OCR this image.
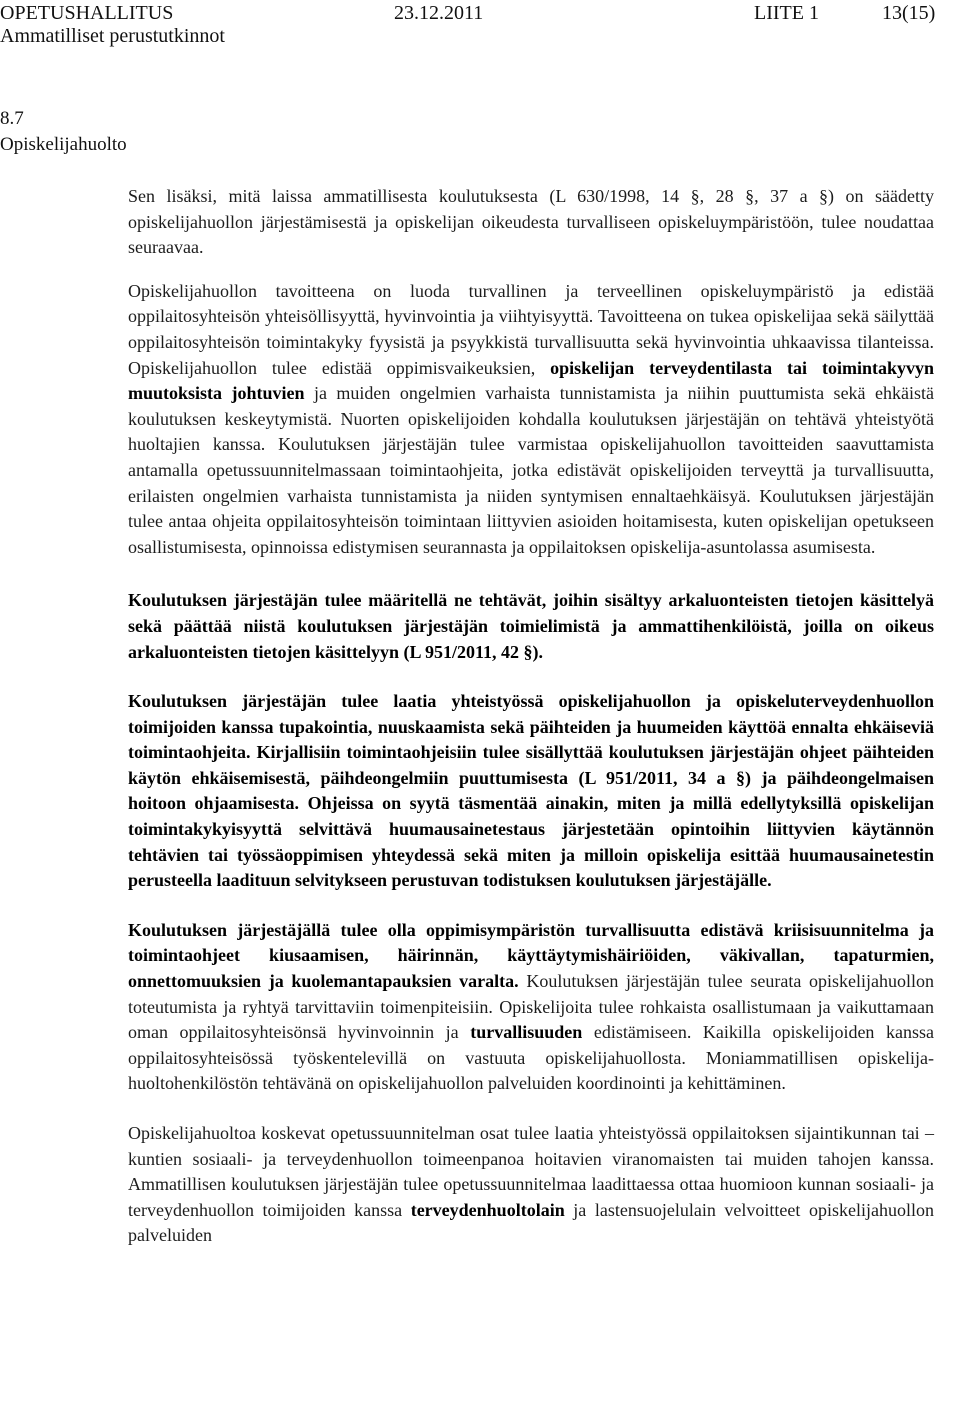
OPETUSHALLITUS	23.12.2011	LIITE 1	13(15)
Ammatilliset perustutkinnot
8.7
Opiskelijahuolto

Sen lisäksi, mitä laissa ammatillisesta koulutuksesta (L 630/1998, 14 §, 28 §, 37 a §) on säädetty opiskelijahuollon järjestämisestä ja opiskelijan oikeudesta turvalliseen opiskeluympäristöön, tulee noudattaa seuraavaa.

Opiskelijahuollon tavoitteena on luoda turvallinen ja terveellinen opiskeluympäristö ja edistää oppilaitosyhteisön yhteisöllisyyttä, hyvinvointia ja viihtyisyyttä. Tavoitteena on tukea opiskelijaa sekä säilyttää oppilaitosyhteisön toimintakyky fyysistä ja psyykkistä turvallisuutta sekä hyvinvointia uhkaavissa tilanteissa. Opiskelijahuollon tulee edistää oppimisvaikeuksien, opiskelijan terveydentilasta tai toimintakyvyn muutoksista johtuvien ja muiden ongelmien varhaista tunnistamista ja niihin puuttumista sekä ehkäistä koulutuksen keskeytymistä. Nuorten opiskelijoiden kohdalla koulutuksen järjestäjän on tehtävä yhteistyötä huoltajien kanssa. Koulutuksen järjestäjän tulee varmistaa opiskelijahuollon tavoitteiden saavuttamista antamalla opetussuunnitelmassaan toimintaohjeita, jotka edistävät opiskelijoiden terveyttä ja turvallisuutta, erilaisten ongelmien varhaista tunnistamista ja niiden syntymisen ennaltaehkäisyä. Koulutuksen järjestäjän tulee antaa ohjeita oppilaitosyhteisön toimintaan liittyvien asioiden hoitamisesta, kuten opiskelijan opetukseen osallistumisesta, opinnoissa edistymisen seurannasta ja oppilaitoksen opiskelija-asuntolassa asumisesta.

Koulutuksen järjestäjän tulee määritellä ne tehtävät, joihin sisältyy arkaluonteisten tietojen käsittelyä sekä päättää niistä koulutuksen järjestäjän toimielimistä ja ammattihenkilöistä, joilla on oikeus arkaluonteisten tietojen käsittelyyn (L 951/2011, 42 §).

Koulutuksen järjestäjän tulee laatia yhteistyössä opiskelijahuollon ja opiskeluterveydenhuollon toimijoiden kanssa tupakointia, nuuskaamista sekä päihteiden ja huumeiden käyttöä ennalta ehkäiseviä toimintaohjeita. Kirjallisiin toimintaohjeisiin tulee sisällyttää koulutuksen järjestäjän ohjeet päihteiden käytön ehkäisemisestä, päihdeongelmiin puuttumisesta (L 951/2011, 34 a §) ja päihdeongelmaisen hoitoon ohjaamisesta. Ohjeissa on syytä täsmentää ainakin, miten ja millä edellytyksillä opiskelijan toimintakykyisyyttä selvittävä huumausainetestaus järjestetään opintoihin liittyvien käytännön tehtävien tai työssäoppimisen yhteydessä sekä miten ja milloin opiskelija esittää huumausainetestin perusteella laadituun selvitykseen perustuvan todistuksen koulutuksen järjestäjälle.

Koulutuksen järjestäjällä tulee olla oppimisympäristön turvallisuutta edistävä kriisisuunnitelma ja toimintaohjeet kiusaamisen, häirinnän, käyttäytymishäiriöiden, väkivallan, tapaturmien, onnettomuuksien ja kuolemantapauksien varalta. Koulutuksen järjestäjän tulee seurata opiskelijahuollon toteutumista ja ryhtyä tarvittaviin toimenpiteisiin. Opiskelijoita tulee rohkaista osallistumaan ja vaikuttamaan oman oppilaitosyhteisönsä hyvinvoinnin ja turvallisuuden edistämiseen. Kaikilla opiskelijoiden kanssa oppilaitosyhteisössä työskentelevillä on vastuuta opiskelijahuollosta. Moniammatillisen opiskelijahuoltohenkilöstön tehtävänä on opiskelijahuollon palveluiden koordinointi ja kehittäminen.

Opiskelijahuoltoa koskevat opetussuunnitelman osat tulee laatia yhteistyössä oppilaitoksen sijaintikunnan tai –kuntien sosiaali- ja terveydenhuollon toimeenpanoa hoitavien viranomaisten tai muiden tahojen kanssa. Ammatillisen koulutuksen järjestäjän tulee opetussuunnitelmaa laadittaessa ottaa huomioon kunnan sosiaali- ja terveydenhuollon toimijoiden kanssa terveydenhuoltolain ja lastensuojelulain velvoitteet opiskelijahuollon palveluiden
